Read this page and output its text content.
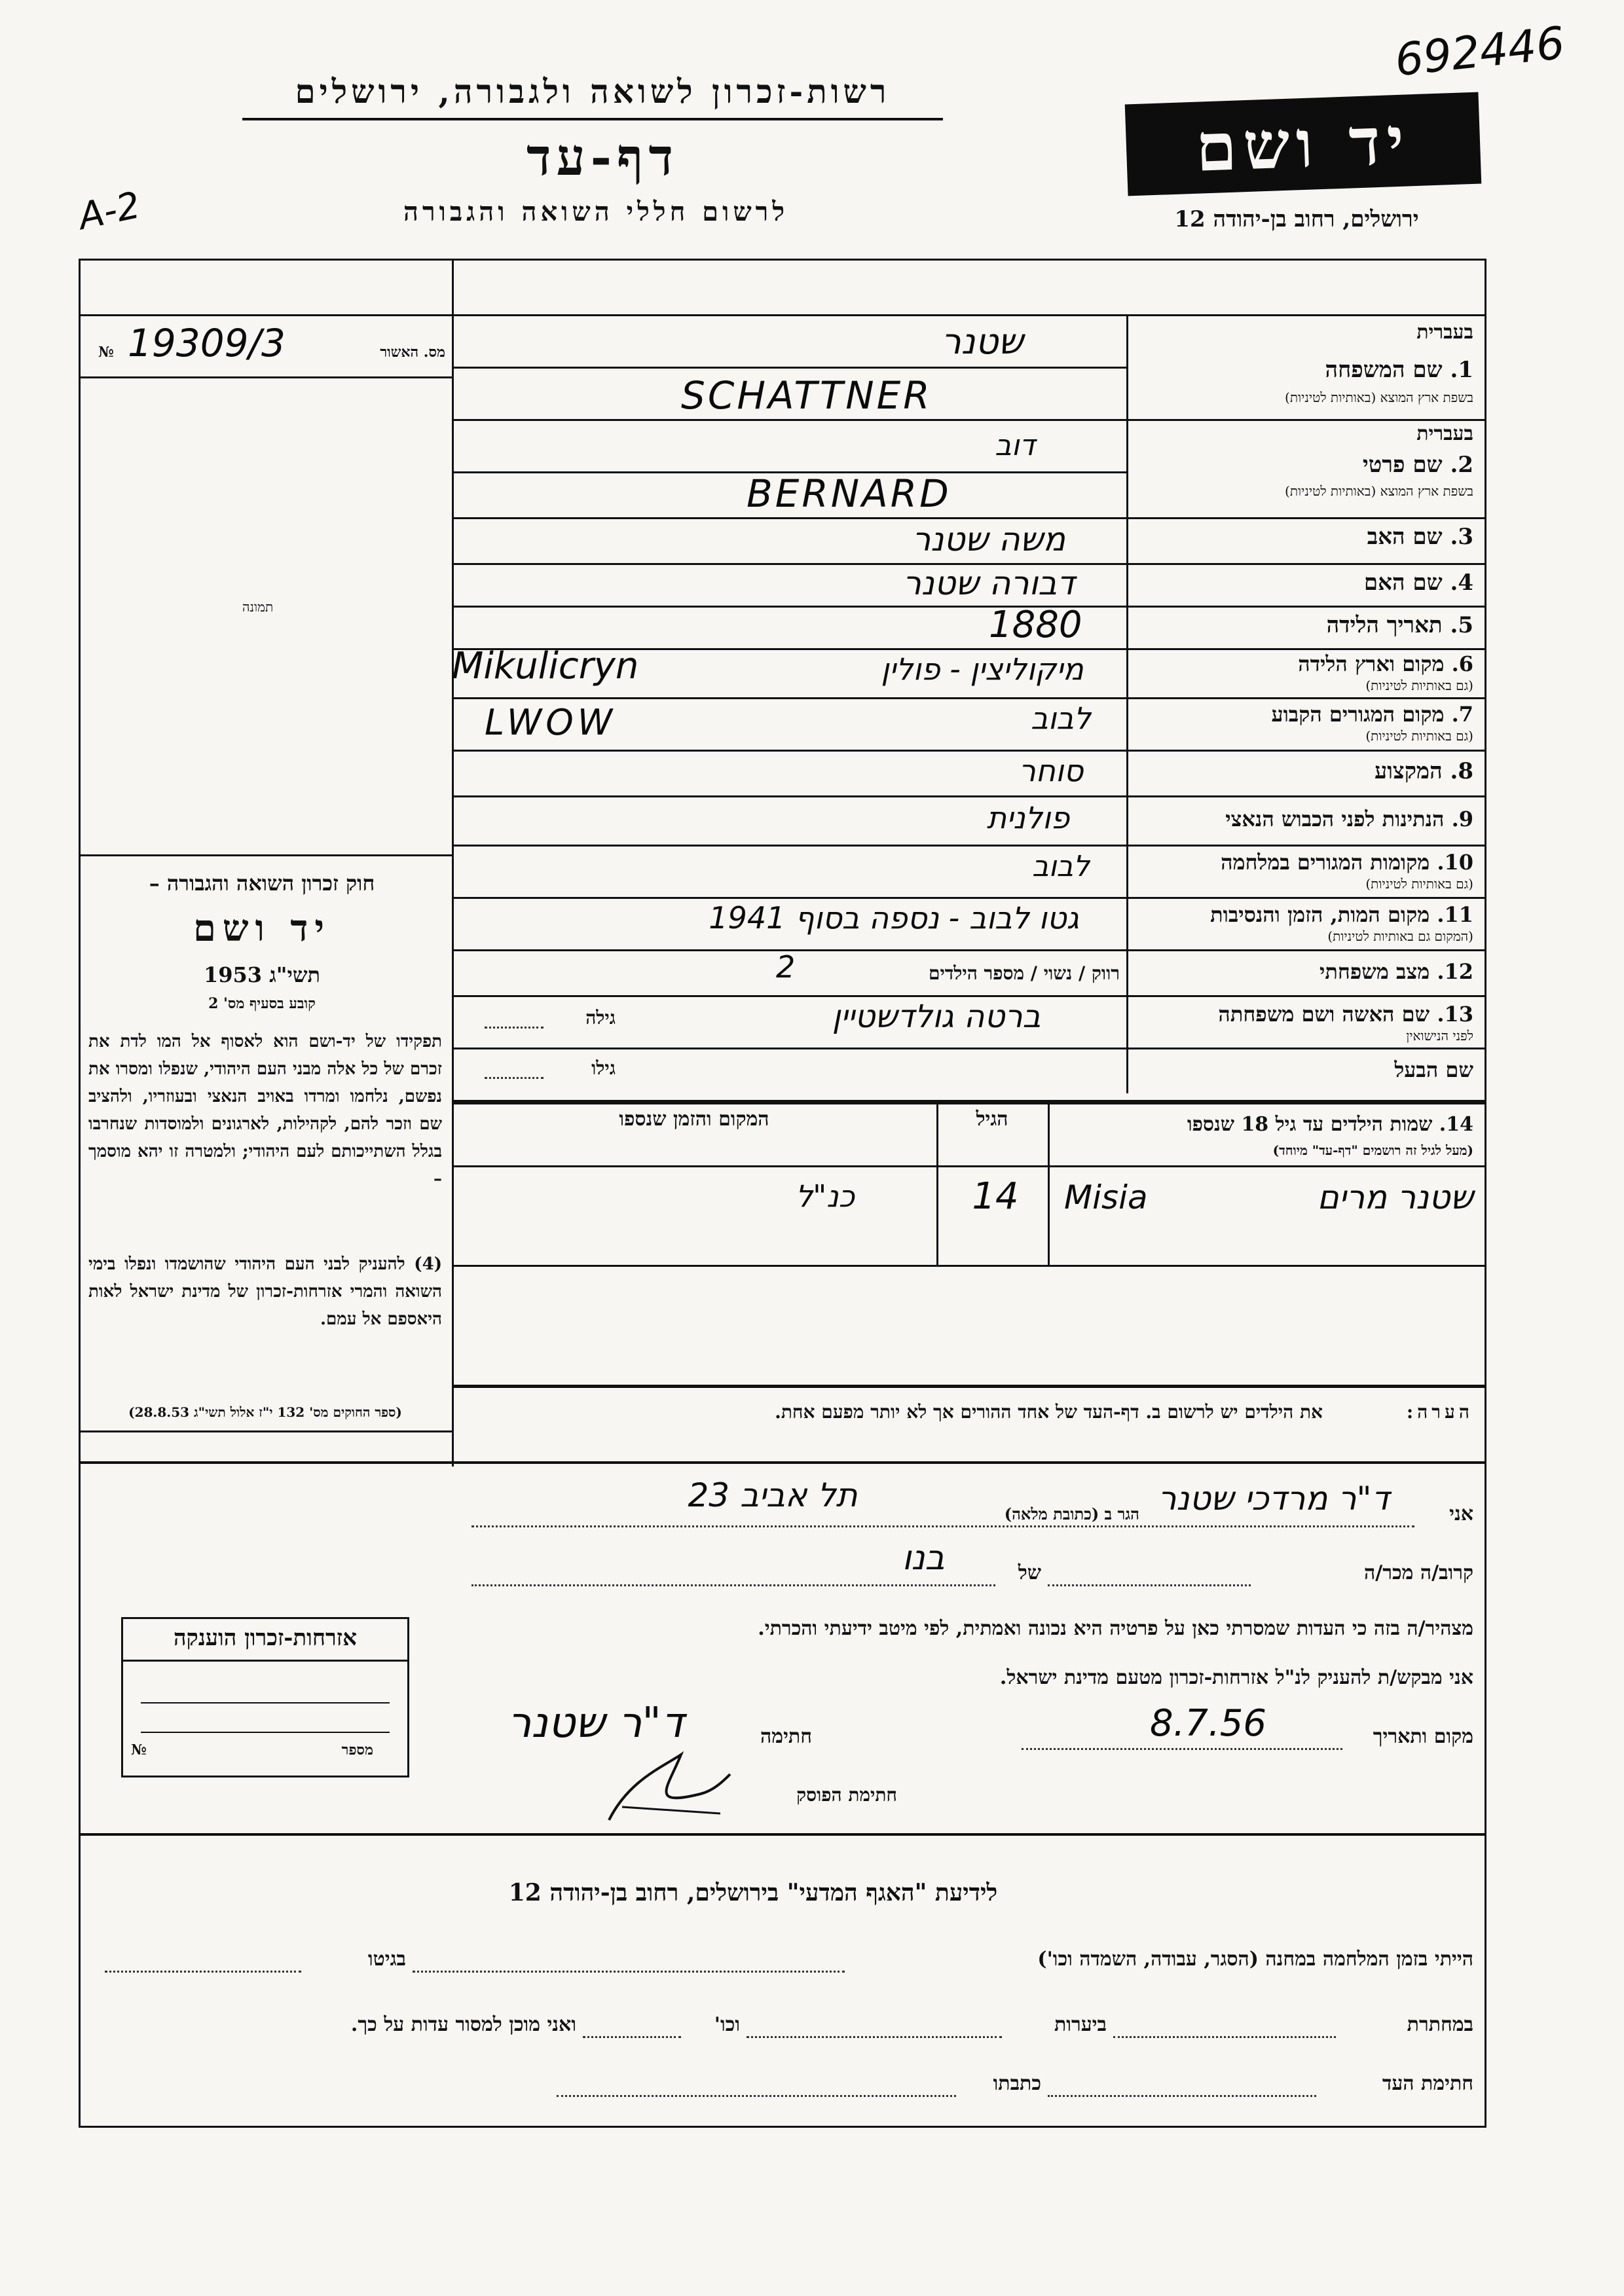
692446
A-2
רשות-זכרון לשואה ולגבורה, ירושלים
דף-עד
לרשום חללי השואה והגבורה
יד ושם
ירושלים, רחוב בן-יהודה 12
מס. האשור
№ 19309/3
תמונה
חוק זכרון השואה והגבורה –
יד ושם
תשי"ג 1953
קובע בסעיף מס' 2
תפקידו של יד-ושם הוא לאסוף אל המו לדת את זכרם של כל אלה מבני העם היהודי, שנפלו ומסרו את נפשם, נלחמו ומרדו באויב הנאצי ובעוזריו, ולהציב שם וזכר להם, לקהילות, לארגונים ולמוסדות שנחרבו בגלל השתייכותם לעם היהודי; ולמטרה זו יהא מוסמך –
(4) להעניק לבני העם היהודי שהושמדו ונפלו בימי השואה והמרי אזרחות-זכרון של מדינת ישראל לאות היאספם אל עמם.
(ספר החוקים מס' 132 י"ז אלול תשי"ג 28.8.53)
בעברית
1. שם המשפחה
בשפת ארץ המוצא (באותיות לטיניות)
שטנר
SCHATTNER
בעברית
2. שם פרטי
בשפת ארץ המוצא (באותיות לטיניות)
דוב
BERNARD
3. שם האב
משה שטנר
4. שם האם
דבורה שטנר
5. תאריך הלידה
1880
6. מקום וארץ הלידה
(גם באותיות לטיניות)
מיקוליצין - פולין
Mikulicryn
7. מקום המגורים הקבוע
(גם באותיות לטיניות)
לבוב
LWOW
8. המקצוע
סוחר
9. הנתינות לפני הכבוש הנאצי
פולנית
10. מקומות המגורים במלחמה
(גם באותיות לטיניות)
לבוב
11. מקום המות, הזמן והנסיבות
(המקום גם באותיות לטיניות)
גטו לבוב - נספה בסוף 1941
12. מצב משפחתי
רווק / נשוי / מספר הילדים
2
13. שם האשה ושם משפחתה
לפני הנישואין
ברטה גולדשטיין
גילה
שם הבעל
גילו
14. שמות הילדים עד גיל 18 שנספו
(מעל לגיל זה רושמים "דף-עד" מיוחד)
הגיל
המקום והזמן שנספו
Misia	שטנר מרים
14
כנ"ל
הערה:
את הילדים יש לרשום ב. דף-העד של אחד ההורים אך לא יותר מפעם אחת.
אני
ד"ר מרדכי שטנר
הגר ב (כתובת מלאה)
תל אביב 23
קרוב/ה מכר/ה
של
בנו
מצהיר/ה בזה כי העדות שמסרתי כאן על פרטיה היא נכונה ואמתית, לפי מיטב ידיעתי והכרתי.
אני מבקש/ת להעניק לנ"ל אזרחות-זכרון מטעם מדינת ישראל.
מקום ותאריך
8.7.56
חתימה
ד"ר שטנר
חתימת הפוסק
אזרחות-זכרון הוענקה
מספר
№
לידיעת "האגף המדעי" בירושלים, רחוב בן-יהודה 12
הייתי בזמן המלחמה במחנה (הסגר, עבודה, השמדה וכו')
בגיטו
במחתרת
ביערות
וכו'
ואני מוכן למסור עדות על כך.
חתימת העד
כתבתו
